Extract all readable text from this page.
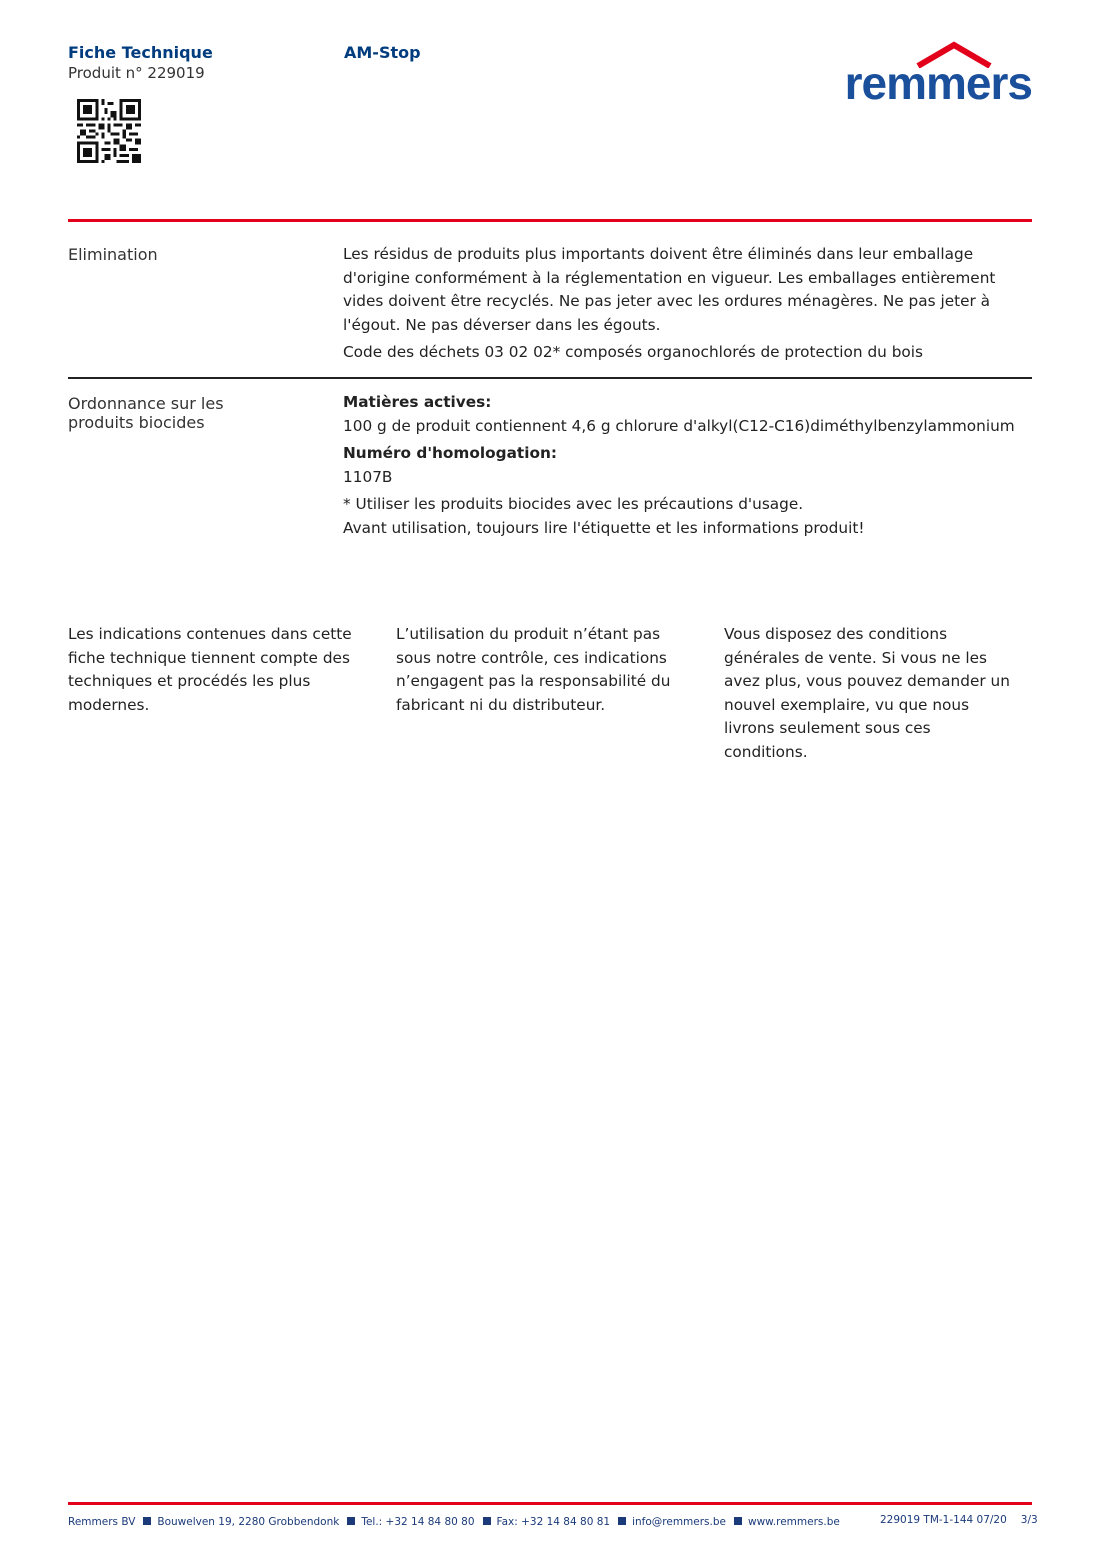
Fiche Technique
Produit n° 229019
AM-Stop
remmers
Elimination	Les résidus de produits plus importants doivent être éliminés dans leur emballage d'origine conformément à la réglementation en vigueur. Les emballages entièrement vides doivent être recyclés. Ne pas jeter avec les ordures ménagères. Ne pas jeter à l'égout. Ne pas déverser dans les égouts.

Code des déchets 03 02 02* composés organochlorés de protection du bois

Ordonnance sur les
produits biocides

Matières actives:

100 g de produit contiennent 4,6 g chlorure d'alkyl(C12-C16)diméthylbenzylammonium

Numéro d'homologation:

1107B

* Utiliser les produits biocides avec les précautions d'usage.

Avant utilisation, toujours lire l'étiquette et les informations produit!

Les indications contenues dans cette fiche technique tiennent compte des techniques et procédés les plus modernes.
L’utilisation du produit n’étant pas sous notre contrôle, ces indications n’engagent pas la responsabilité du fabricant ni du distributeur.
Vous disposez des conditions générales de vente. Si vous ne les avez plus, vous pouvez demander un nouvel exemplaire, vu que nous livrons seulement sous ces conditions.
Remmers BV Bouwelven 19, 2280 Grobbendonk Tel.: +32 14 84 80 80 Fax: +32 14 84 80 81 info@remmers.be www.remmers.be	229019 TM-1-144 07/20 3/3
